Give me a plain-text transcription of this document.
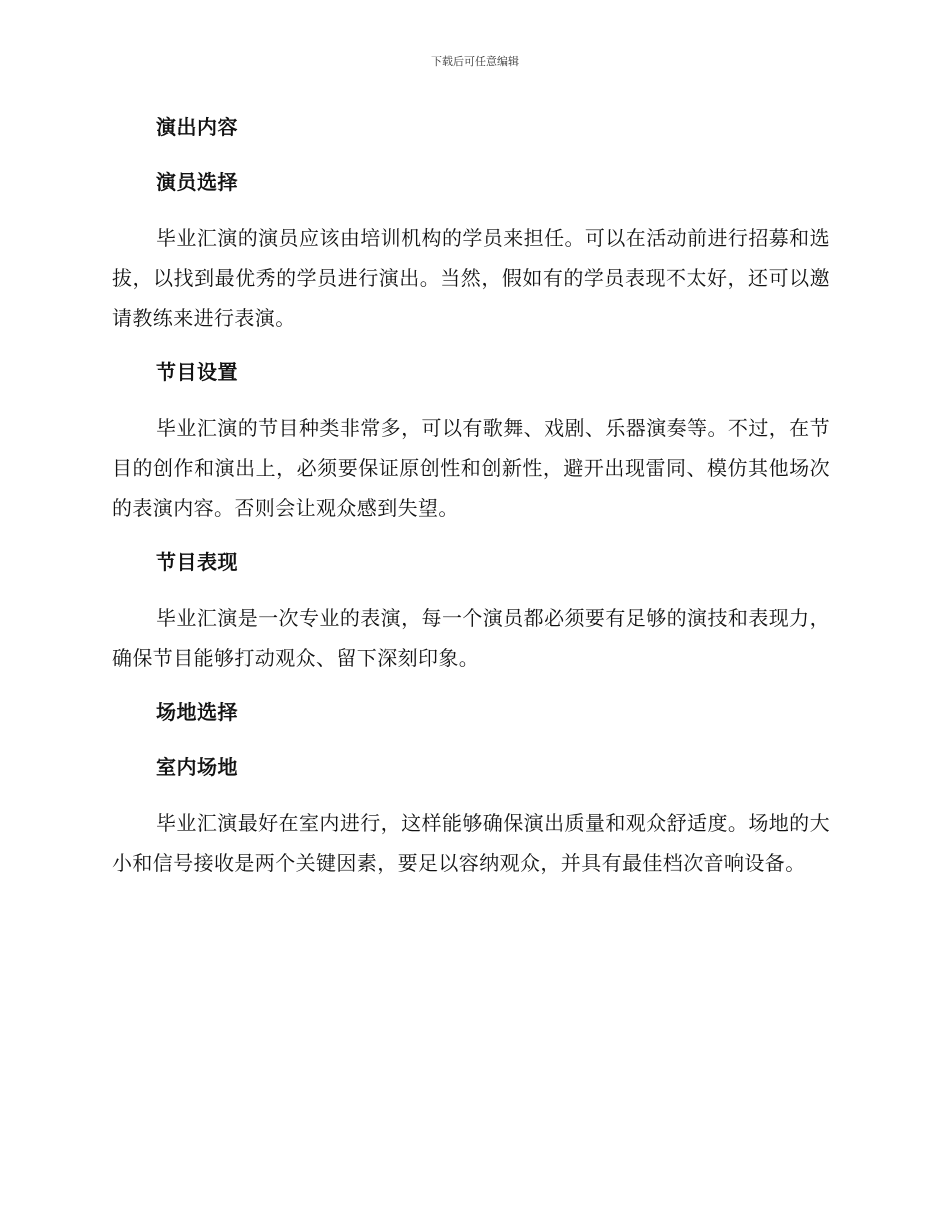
下载后可任意编辑
演出内容
演员选择

毕业汇演的演员应该由培训机构的学员来担任。可以在活动前进行招募和选拔，以找到最优秀的学员进行演出。当然，假如有的学员表现不太好，还可以邀请教练来进行表演。

节目设置

毕业汇演的节目种类非常多，可以有歌舞、戏剧、乐器演奏等。不过，在节目的创作和演出上，必须要保证原创性和创新性，避开出现雷同、模仿其他场次的表演内容。否则会让观众感到失望。

节目表现

毕业汇演是一次专业的表演，每一个演员都必须要有足够的演技和表现力，确保节目能够打动观众、留下深刻印象。

场地选择
室内场地

毕业汇演最好在室内进行，这样能够确保演出质量和观众舒适度。场地的大小和信号接收是两个关键因素，要足以容纳观众，并具有最佳档次音响设备。
